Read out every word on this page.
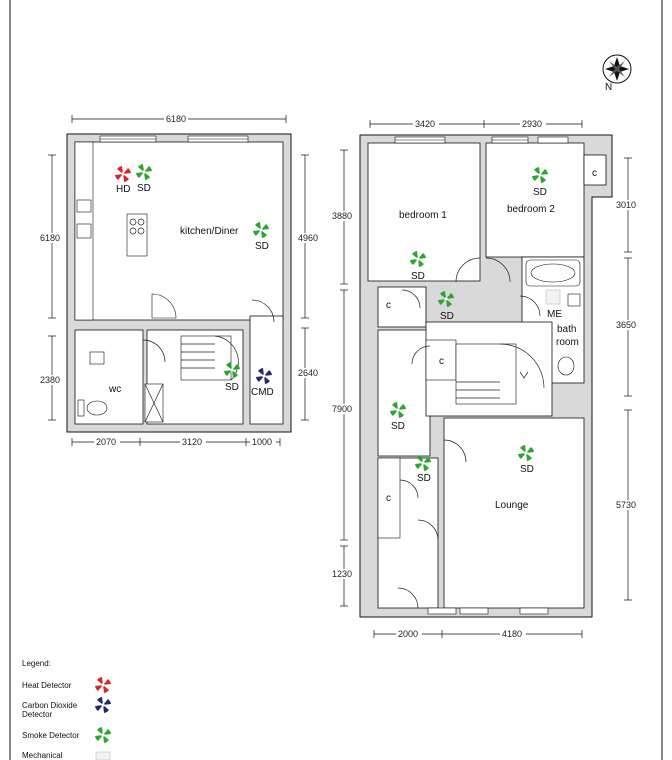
N
kitchen/Diner
wc
HD SD
SD
SD CMD
6180
6180
2380
4960
2640
2070	3120	1000
bedroom 1
bedroom 2
bath
room
Lounge
ME
c
c
c
c
SD
SD
SD
SD
SD
SD
3420	2930
3880
7900
1230
3010
3650
5730
2000	4180
Legend:
Heat Detector
Carbon Dioxide
Detector
Smoke Detector
Mechanical
